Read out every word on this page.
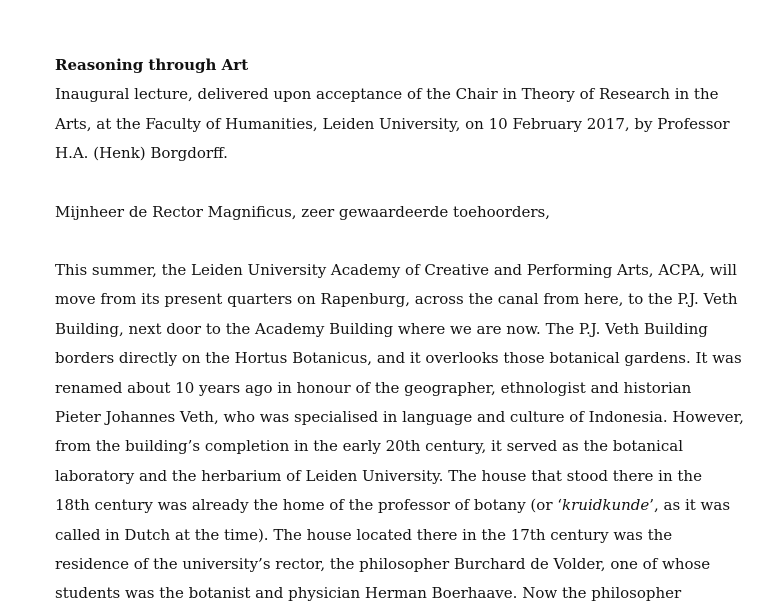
Reasoning through Art
Inaugural lecture, delivered upon acceptance of the Chair in Theory of Research in the
Arts, at the Faculty of Humanities, Leiden University, on 10 February 2017, by Professor
H.A. (Henk) Borgdorff.
Mijnheer de Rector Magnificus, zeer gewaardeerde toehoorders,
This summer, the Leiden University Academy of Creative and Performing Arts, ACPA, will
move from its present quarters on Rapenburg, across the canal from here, to the P.J. Veth
Building, next door to the Academy Building where we are now. The P.J. Veth Building
borders directly on the Hortus Botanicus, and it overlooks those botanical gardens. It was
renamed about 10 years ago in honour of the geographer, ethnologist and historian
Pieter Johannes Veth, who was specialised in language and culture of Indonesia. However,
from the building’s completion in the early 20th century, it served as the botanical
laboratory and the herbarium of Leiden University. The house that stood there in the
18th century was already the home of the professor of botany (or ‘kruidkunde’, as it was
called in Dutch at the time). The house located there in the 17th century was the
residence of the university’s rector, the philosopher Burchard de Volder, one of whose
students was the botanist and physician Herman Boerhaave. Now the philosopher
